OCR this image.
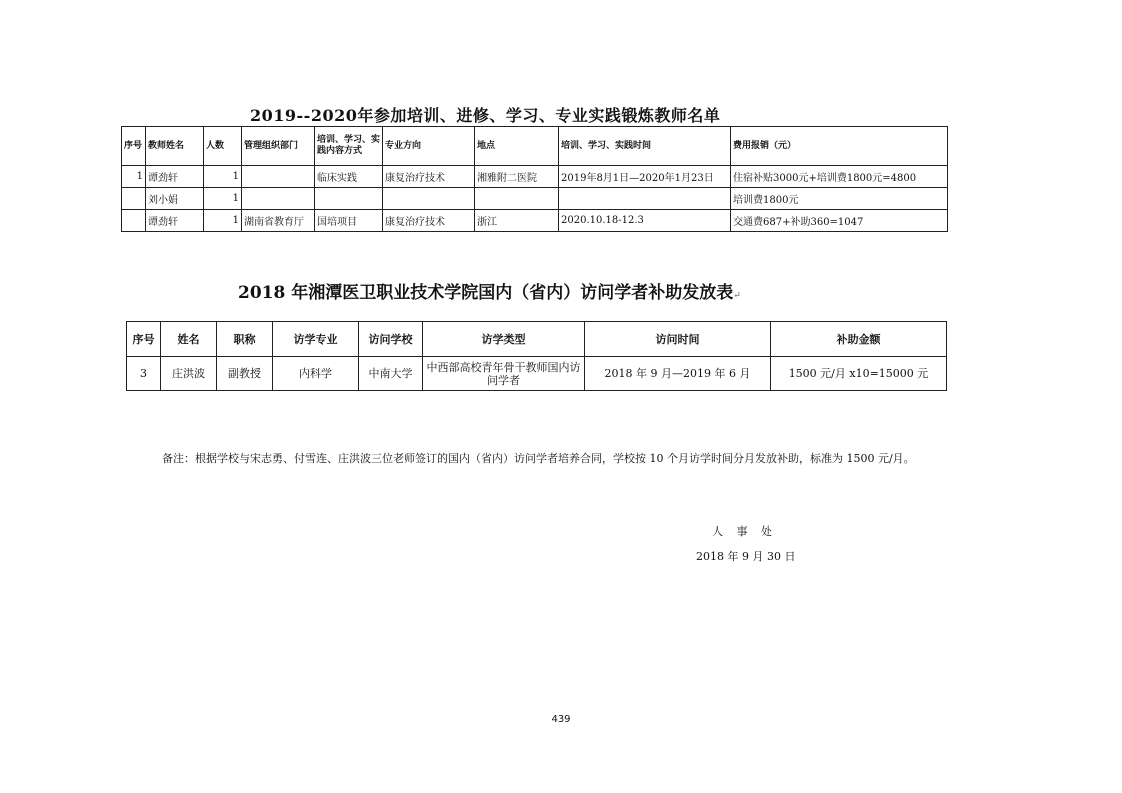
2019--2020年参加培训、进修、学习、专业实践锻炼教师名单
序号	教师姓名	人数	管理组织部门	培训、学习、实践内容方式	专业方向	地点	培训、学习、实践时间	费用报销（元）
1	谭劲轩	1		临床实践	康复治疗技术	湘雅附二医院	2019年8月1日—2020年1月23日	住宿补贴3000元+培训费1800元=4800
	刘小娟	1						培训费1800元
	谭劲轩	1	湖南省教育厅	国培项目	康复治疗技术	浙江	2020.10.18-12.3	交通费687+补助360=1047
2018 年湘潭医卫职业技术学院国内（省内）访问学者补助发放表↵
序号	姓名	职称	访学专业	访问学校	访学类型	访问时间	补助金额
3	庄洪波	副教授	内科学	中南大学	中西部高校青年骨干教师国内访问学者	2018 年 9 月—2019 年 6 月	1500 元/月 x10=15000 元
备注：根据学校与宋志勇、付雪连、庄洪波三位老师签订的国内（省内）访问学者培养合同，学校按 10 个月访学时间分月发放补助，标准为 1500 元/月。
人 事 处
2018 年 9 月 30 日
439
